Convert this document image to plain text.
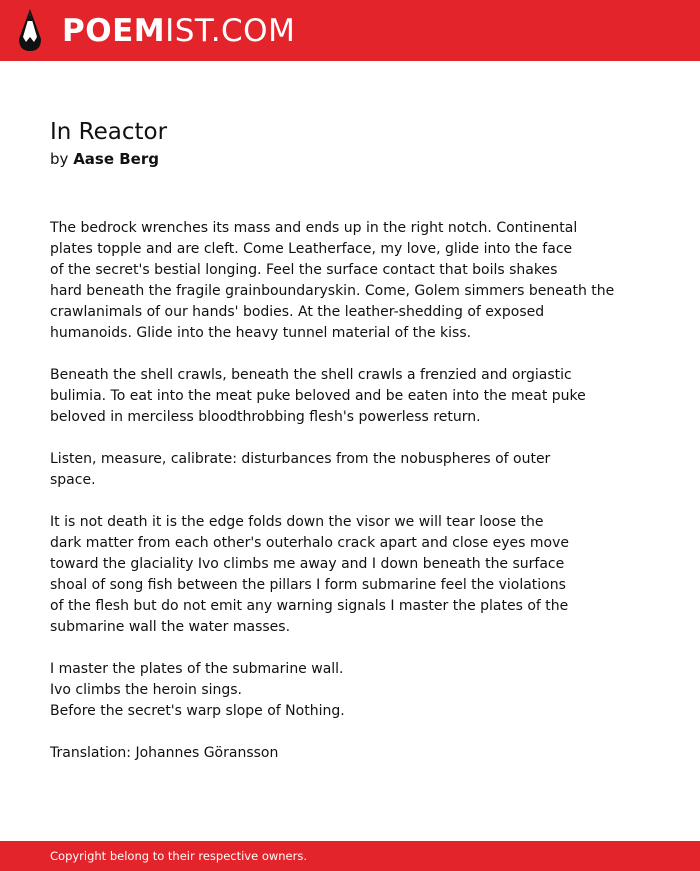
POEMIST.COM
In Reactor
by Aase Berg
The bedrock wrenches its mass and ends up in the right notch. Continental
plates topple and are cleft. Come Leatherface, my love, glide into the face
of the secret's bestial longing. Feel the surface contact that boils shakes
hard beneath the fragile grainboundaryskin. Come, Golem simmers beneath the
crawlanimals of our hands' bodies. At the leather-shedding of exposed
humanoids. Glide into the heavy tunnel material of the kiss.
Beneath the shell crawls, beneath the shell crawls a frenzied and orgiastic
bulimia. To eat into the meat puke beloved and be eaten into the meat puke
beloved in merciless bloodthrobbing flesh's powerless return.
Listen, measure, calibrate: disturbances from the nobuspheres of outer
space.
It is not death it is the edge folds down the visor we will tear loose the
dark matter from each other's outerhalo crack apart and close eyes move
toward the glaciality Ivo climbs me away and I down beneath the surface
shoal of song fish between the pillars I form submarine feel the violations
of the flesh but do not emit any warning signals I master the plates of the
submarine wall the water masses.
I master the plates of the submarine wall.
Ivo climbs the heroin sings.
Before the secret's warp slope of Nothing.
Translation: Johannes Göransson
Copyright belong to their respective owners.
